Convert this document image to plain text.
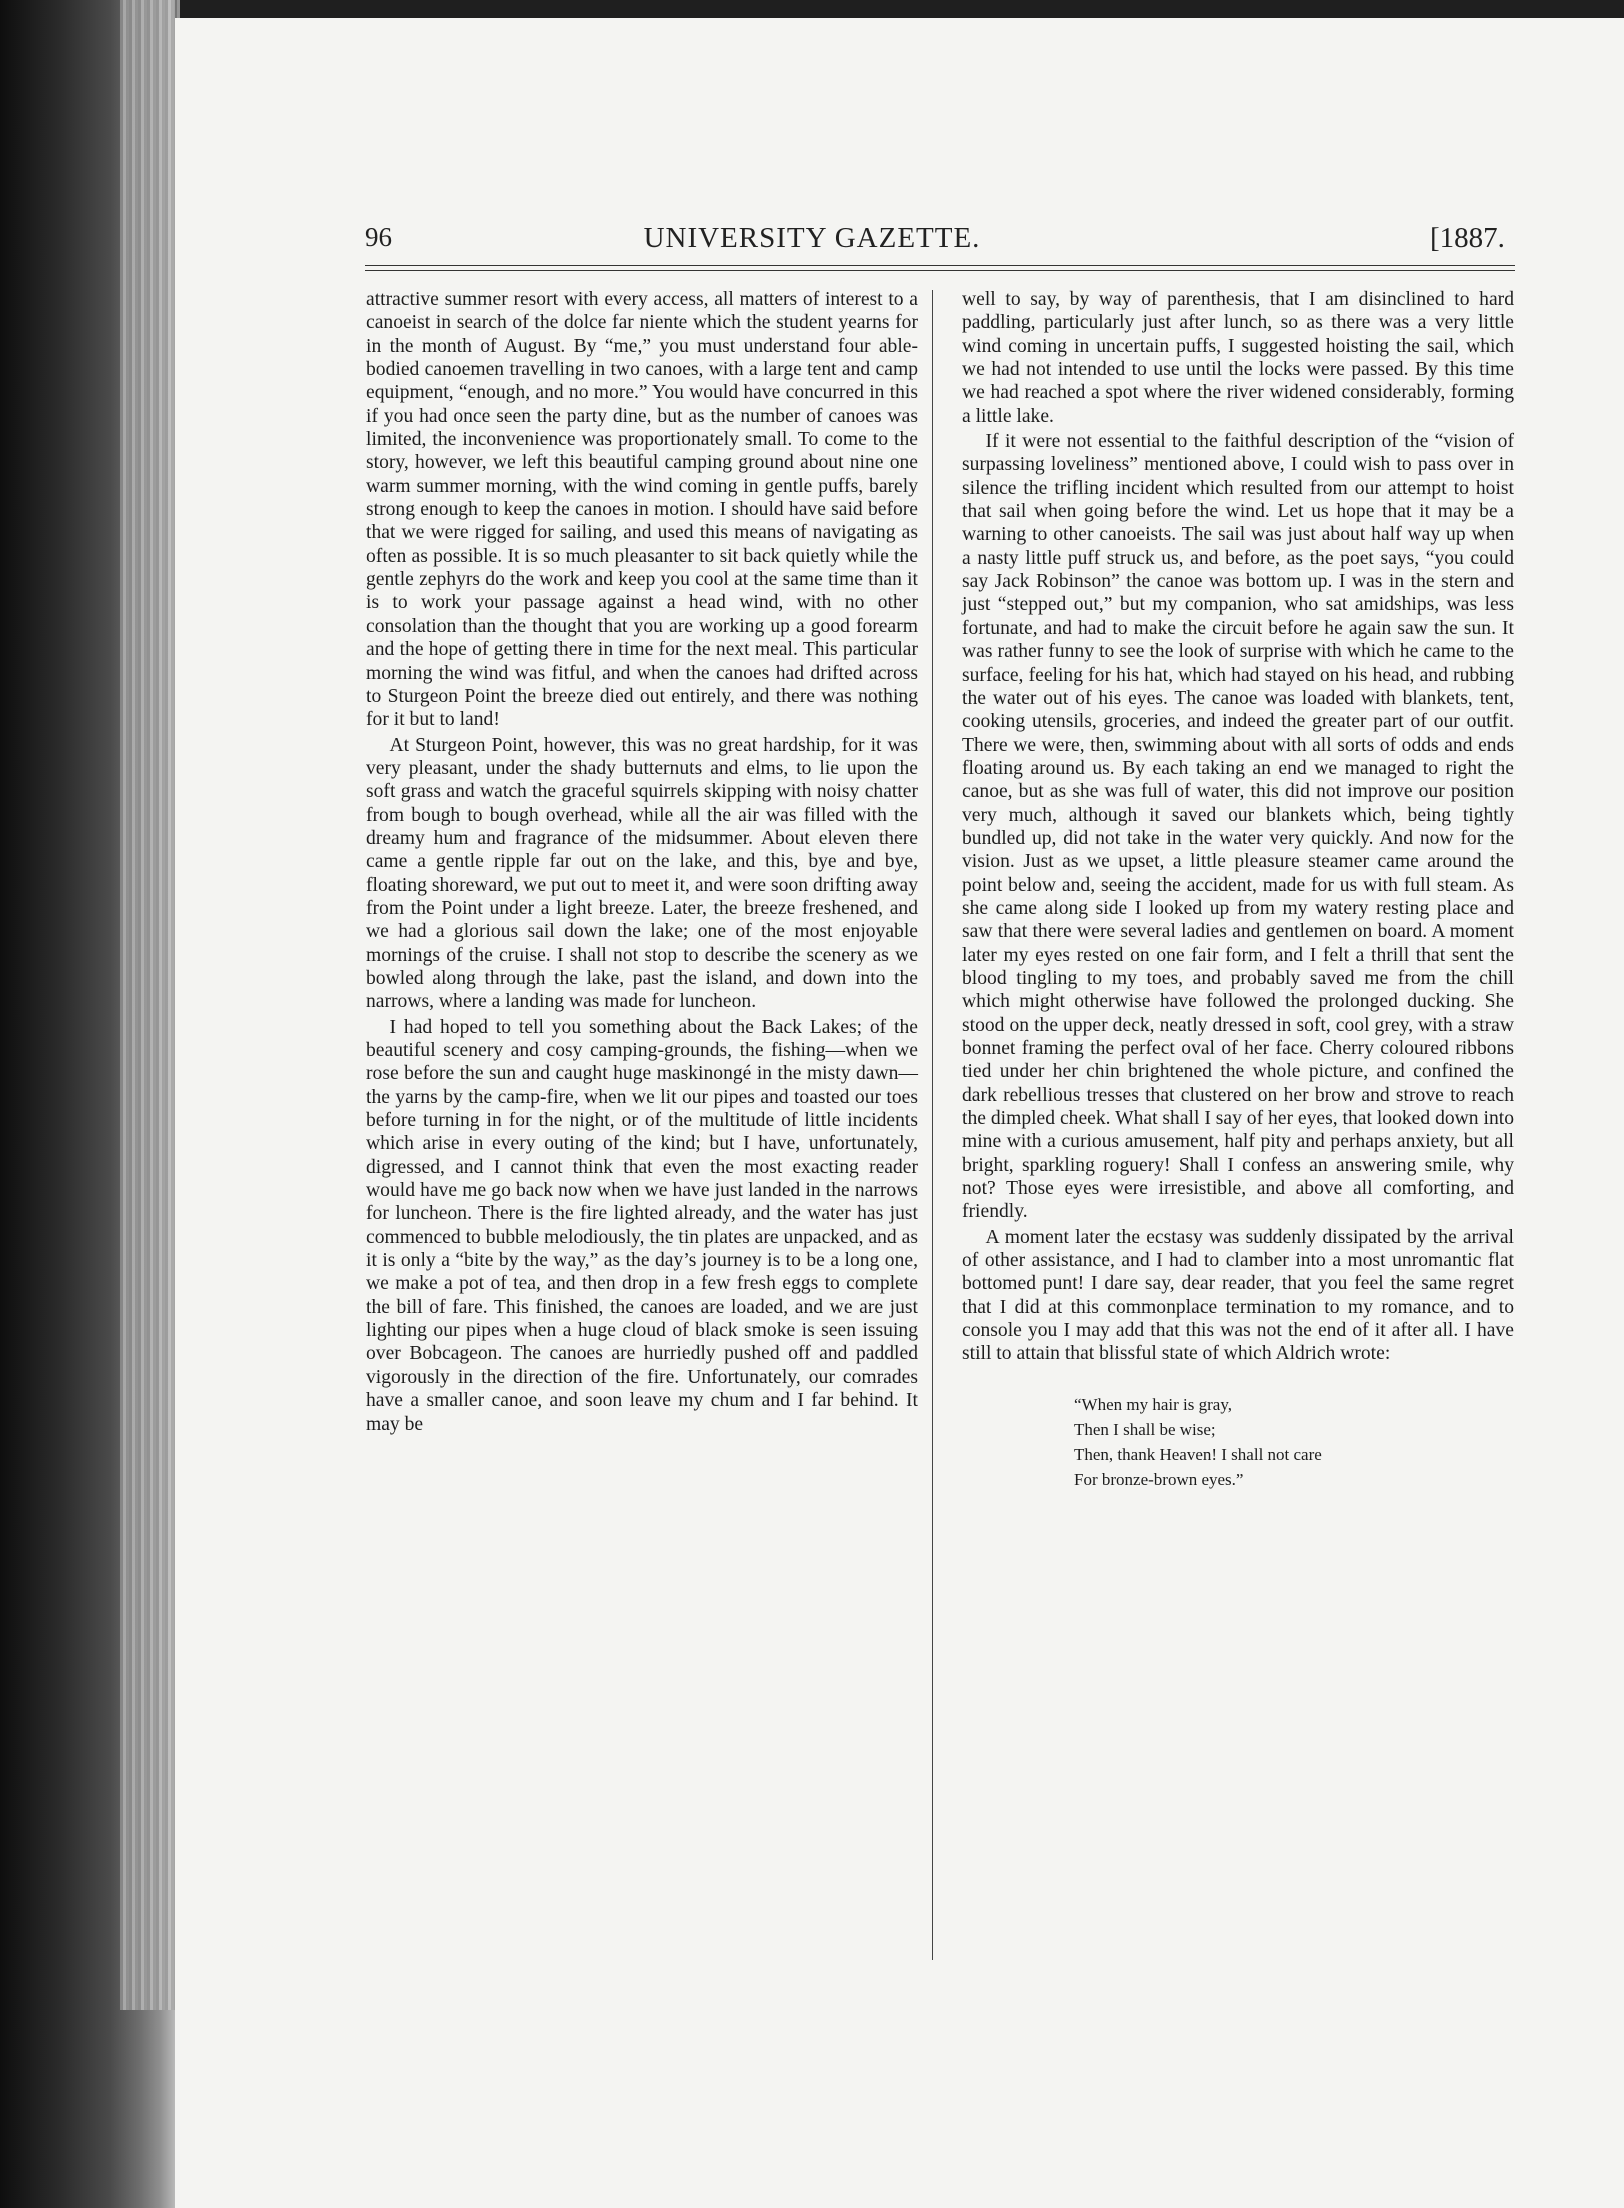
96	UNIVERSITY GAZETTE.	[1887.

attractive summer resort with every access, all matters of interest to a canoeist in search of the dolce far niente which the student yearns for in the month of August. By “me,” you must understand four able-bodied canoemen travelling in two canoes, with a large tent and camp equipment, “enough, and no more.” You would have concurred in this if you had once seen the party dine, but as the number of canoes was limited, the inconvenience was proportionately small. To come to the story, however, we left this beautiful camping ground about nine one warm summer morning, with the wind coming in gentle puffs, barely strong enough to keep the canoes in motion. I should have said before that we were rigged for sailing, and used this means of navigating as often as possible. It is so much pleasanter to sit back quietly while the gentle zephyrs do the work and keep you cool at the same time than it is to work your passage against a head wind, with no other consolation than the thought that you are working up a good forearm and the hope of getting there in time for the next meal. This particular morning the wind was fitful, and when the canoes had drifted across to Sturgeon Point the breeze died out entirely, and there was nothing for it but to land!

At Sturgeon Point, however, this was no great hardship, for it was very pleasant, under the shady butternuts and elms, to lie upon the soft grass and watch the graceful squirrels skipping with noisy chatter from bough to bough overhead, while all the air was filled with the dreamy hum and fragrance of the midsummer. About eleven there came a gentle ripple far out on the lake, and this, bye and bye, floating shoreward, we put out to meet it, and were soon drifting away from the Point under a light breeze. Later, the breeze freshened, and we had a glorious sail down the lake; one of the most enjoyable mornings of the cruise. I shall not stop to describe the scenery as we bowled along through the lake, past the island, and down into the narrows, where a landing was made for luncheon.

I had hoped to tell you something about the Back Lakes; of the beautiful scenery and cosy camping-grounds, the fishing—when we rose before the sun and caught huge maskinongé in the misty dawn—the yarns by the camp-fire, when we lit our pipes and toasted our toes before turning in for the night, or of the multitude of little incidents which arise in every outing of the kind; but I have, unfortunately, digressed, and I cannot think that even the most exacting reader would have me go back now when we have just landed in the narrows for luncheon. There is the fire lighted already, and the water has just commenced to bubble melodiously, the tin plates are unpacked, and as it is only a “bite by the way,” as the day’s journey is to be a long one, we make a pot of tea, and then drop in a few fresh eggs to complete the bill of fare. This finished, the canoes are loaded, and we are just lighting our pipes when a huge cloud of black smoke is seen issuing over Bobcageon. The canoes are hurriedly pushed off and paddled vigorously in the direction of the fire. Unfortunately, our comrades have a smaller canoe, and soon leave my chum and I far behind. It may be

well to say, by way of parenthesis, that I am disinclined to hard paddling, particularly just after lunch, so as there was a very little wind coming in uncertain puffs, I suggested hoisting the sail, which we had not intended to use until the locks were passed. By this time we had reached a spot where the river widened considerably, forming a little lake.

If it were not essential to the faithful description of the “vision of surpassing loveliness” mentioned above, I could wish to pass over in silence the trifling incident which resulted from our attempt to hoist that sail when going before the wind. Let us hope that it may be a warning to other canoeists. The sail was just about half way up when a nasty little puff struck us, and before, as the poet says, “you could say Jack Robinson” the canoe was bottom up. I was in the stern and just “stepped out,” but my companion, who sat amidships, was less fortunate, and had to make the circuit before he again saw the sun. It was rather funny to see the look of surprise with which he came to the surface, feeling for his hat, which had stayed on his head, and rubbing the water out of his eyes. The canoe was loaded with blankets, tent, cooking utensils, groceries, and indeed the greater part of our outfit. There we were, then, swimming about with all sorts of odds and ends floating around us. By each taking an end we managed to right the canoe, but as she was full of water, this did not improve our position very much, although it saved our blankets which, being tightly bundled up, did not take in the water very quickly. And now for the vision. Just as we upset, a little pleasure steamer came around the point below and, seeing the accident, made for us with full steam. As she came along side I looked up from my watery resting place and saw that there were several ladies and gentlemen on board. A moment later my eyes rested on one fair form, and I felt a thrill that sent the blood tingling to my toes, and probably saved me from the chill which might otherwise have followed the prolonged ducking. She stood on the upper deck, neatly dressed in soft, cool grey, with a straw bonnet framing the perfect oval of her face. Cherry coloured ribbons tied under her chin brightened the whole picture, and confined the dark rebellious tresses that clustered on her brow and strove to reach the dimpled cheek. What shall I say of her eyes, that looked down into mine with a curious amusement, half pity and perhaps anxiety, but all bright, sparkling roguery! Shall I confess an answering smile, why not? Those eyes were irresistible, and above all comforting, and friendly.

A moment later the ecstasy was suddenly dissipated by the arrival of other assistance, and I had to clamber into a most unromantic flat bottomed punt! I dare say, dear reader, that you feel the same regret that I did at this commonplace termination to my romance, and to console you I may add that this was not the end of it after all. I have still to attain that blissful state of which Aldrich wrote:

“When my hair is gray,
Then I shall be wise;
Then, thank Heaven! I shall not care
For bronze-brown eyes.”
